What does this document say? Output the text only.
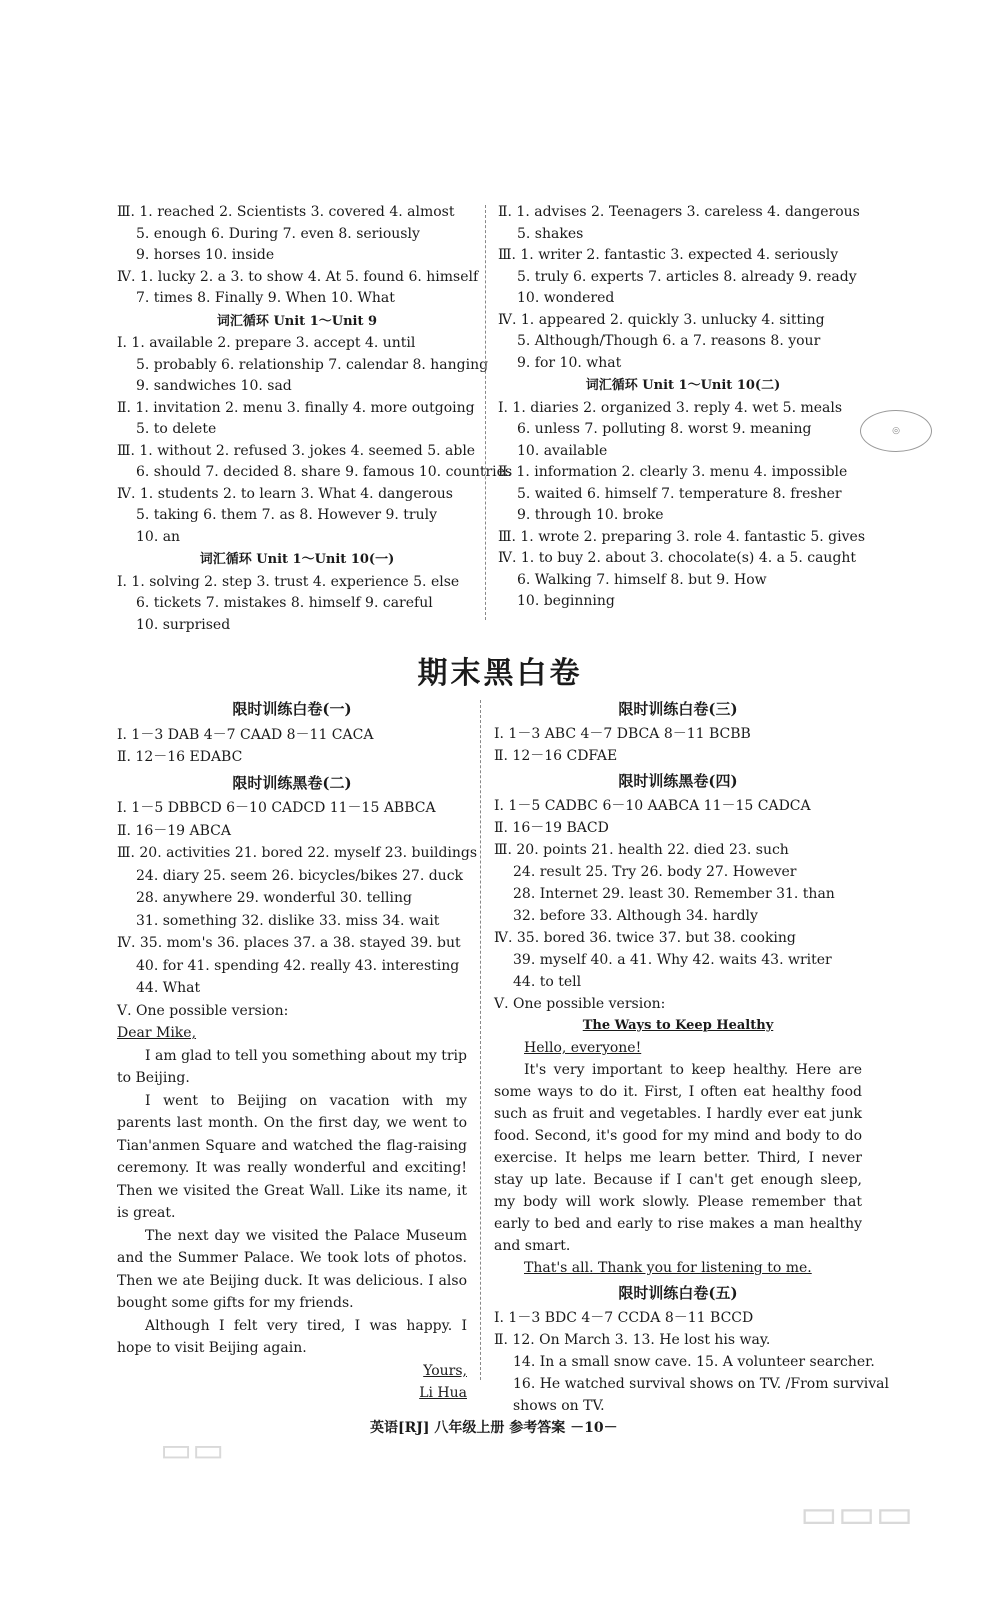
Ⅲ. 1. reached 2. Scientists 3. covered 4. almost
5. enough 6. During 7. even 8. seriously
9. horses 10. inside
Ⅳ. 1. lucky 2. a 3. to show 4. At 5. found 6. himself
7. times 8. Finally 9. When 10. What
词汇循环 Unit 1～Unit 9
Ⅰ. 1. available 2. prepare 3. accept 4. until
5. probably 6. relationship 7. calendar 8. hanging
9. sandwiches 10. sad
Ⅱ. 1. invitation 2. menu 3. finally 4. more outgoing
5. to delete
Ⅲ. 1. without 2. refused 3. jokes 4. seemed 5. able
6. should 7. decided 8. share 9. famous 10. countries
Ⅳ. 1. students 2. to learn 3. What 4. dangerous
5. taking 6. them 7. as 8. However 9. truly
10. an
词汇循环 Unit 1～Unit 10(一)
Ⅰ. 1. solving 2. step 3. trust 4. experience 5. else
6. tickets 7. mistakes 8. himself 9. careful
10. surprised
Ⅱ. 1. advises 2. Teenagers 3. careless 4. dangerous
5. shakes
Ⅲ. 1. writer 2. fantastic 3. expected 4. seriously
5. truly 6. experts 7. articles 8. already 9. ready
10. wondered
Ⅳ. 1. appeared 2. quickly 3. unlucky 4. sitting
5. Although/Though 6. a 7. reasons 8. your
9. for 10. what
词汇循环 Unit 1～Unit 10(二)
Ⅰ. 1. diaries 2. organized 3. reply 4. wet 5. meals
6. unless 7. polluting 8. worst 9. meaning
10. available
Ⅱ. 1. information 2. clearly 3. menu 4. impossible
5. waited 6. himself 7. temperature 8. fresher
9. through 10. broke
Ⅲ. 1. wrote 2. preparing 3. role 4. fantastic 5. gives
Ⅳ. 1. to buy 2. about 3. chocolate(s) 4. a 5. caught
6. Walking 7. himself 8. but 9. How
10. beginning
◎
期末黑白卷
限时训练白卷(一)
Ⅰ. 1－3 DAB 4－7 CAAD 8－11 CACA
Ⅱ. 12－16 EDABC
限时训练黑卷(二)
Ⅰ. 1－5 DBBCD 6－10 CADCD 11－15 ABBCA
Ⅱ. 16－19 ABCA
Ⅲ. 20. activities 21. bored 22. myself 23. buildings
24. diary 25. seem 26. bicycles/bikes 27. duck
28. anywhere 29. wonderful 30. telling
31. something 32. dislike 33. miss 34. wait
Ⅳ. 35. mom's 36. places 37. a 38. stayed 39. but
40. for 41. spending 42. really 43. interesting
44. What
Ⅴ. One possible version:
Dear Mike,
I am glad to tell you something about my trip to Beijing.
I went to Beijing on vacation with my parents last month. On the first day, we went to Tian'anmen Square and watched the flag-raising ceremony. It was really wonderful and exciting! Then we visited the Great Wall. Like its name, it is great.
The next day we visited the Palace Museum and the Summer Palace. We took lots of photos. Then we ate Beijing duck. It was delicious. I also bought some gifts for my friends.
Although I felt very tired, I was happy. I hope to visit Beijing again.
Yours,
Li Hua
限时训练白卷(三)
Ⅰ. 1－3 ABC 4－7 DBCA 8－11 BCBB
Ⅱ. 12－16 CDFAE
限时训练黑卷(四)
Ⅰ. 1－5 CADBC 6－10 AABCA 11－15 CADCA
Ⅱ. 16－19 BACD
Ⅲ. 20. points 21. health 22. died 23. such
24. result 25. Try 26. body 27. However
28. Internet 29. least 30. Remember 31. than
32. before 33. Although 34. hardly
Ⅳ. 35. bored 36. twice 37. but 38. cooking
39. myself 40. a 41. Why 42. waits 43. writer
44. to tell
Ⅴ. One possible version:
The Ways to Keep Healthy
Hello, everyone!
It's very important to keep healthy. Here are some ways to do it. First, I often eat healthy food such as fruit and vegetables. I hardly ever eat junk food. Second, it's good for my mind and body to do exercise. It helps me learn better. Third, I never stay up late. Because if I can't get enough sleep, my body will work slowly. Please remember that early to bed and early to rise makes a man healthy and smart.
That's all. Thank you for listening to me.
限时训练白卷(五)
Ⅰ. 1－3 BDC 4－7 CCDA 8－11 BCCD
Ⅱ. 12. On March 3. 13. He lost his way.
14. In a small snow cave. 15. A volunteer searcher.
16. He watched survival shows on TV. /From survival
shows on TV.
英语[RJ] 八年级上册 参考答案 －10－
▭▭
▭▭▭
